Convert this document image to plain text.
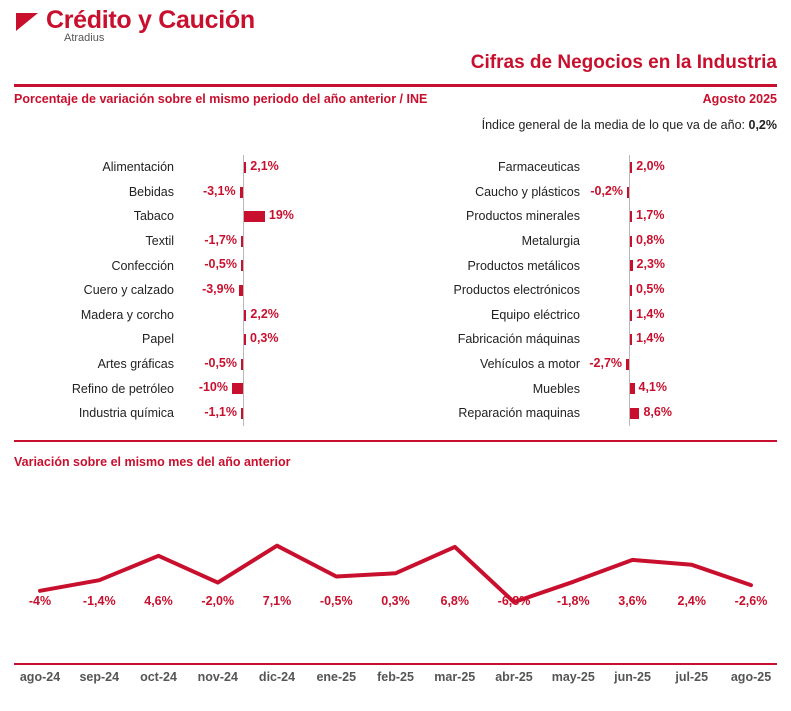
Crédito y Caución
Atradius
Cifras de Negocios en la Industria
Porcentaje de variación sobre el mismo periodo del año anterior / INE	Agosto 2025
Índice general de la media de lo que va de año: 0,2%
Alimentación	2,1%
Bebidas	-3,1%
Tabaco	19%
Textil	-1,7%
Confección	-0,5%
Cuero y calzado	-3,9%
Madera y corcho	2,2%
Papel	0,3%
Artes gráficas	-0,5%
Refino de petróleo	-10%
Industria química	-1,1%
Farmaceuticas	2,0%
Caucho y plásticos -0,2%
Productos minerales	1,7%
Metalurgia	0,8%
Productos metálicos	2,3%
Productos electrónicos	0,5%
Equipo eléctrico	1,4%
Fabricación máquinas	1,4%
Vehículos a motor -2,7%
Muebles	4,1%
Reparación maquinas	8,6%
Variación sobre el mismo mes del año anterior
-4%	-1,4% 4,6% -2,0% 7,1% -0,5% 0,3% 6,8% -6,8% -1,8% 3,6% 2,4% -2,6%
ago-24 sep-24 oct-24 nov-24 dic-24 ene-25 feb-25 mar-25 abr-25 may-25 jun-25 jul-25 ago-25
